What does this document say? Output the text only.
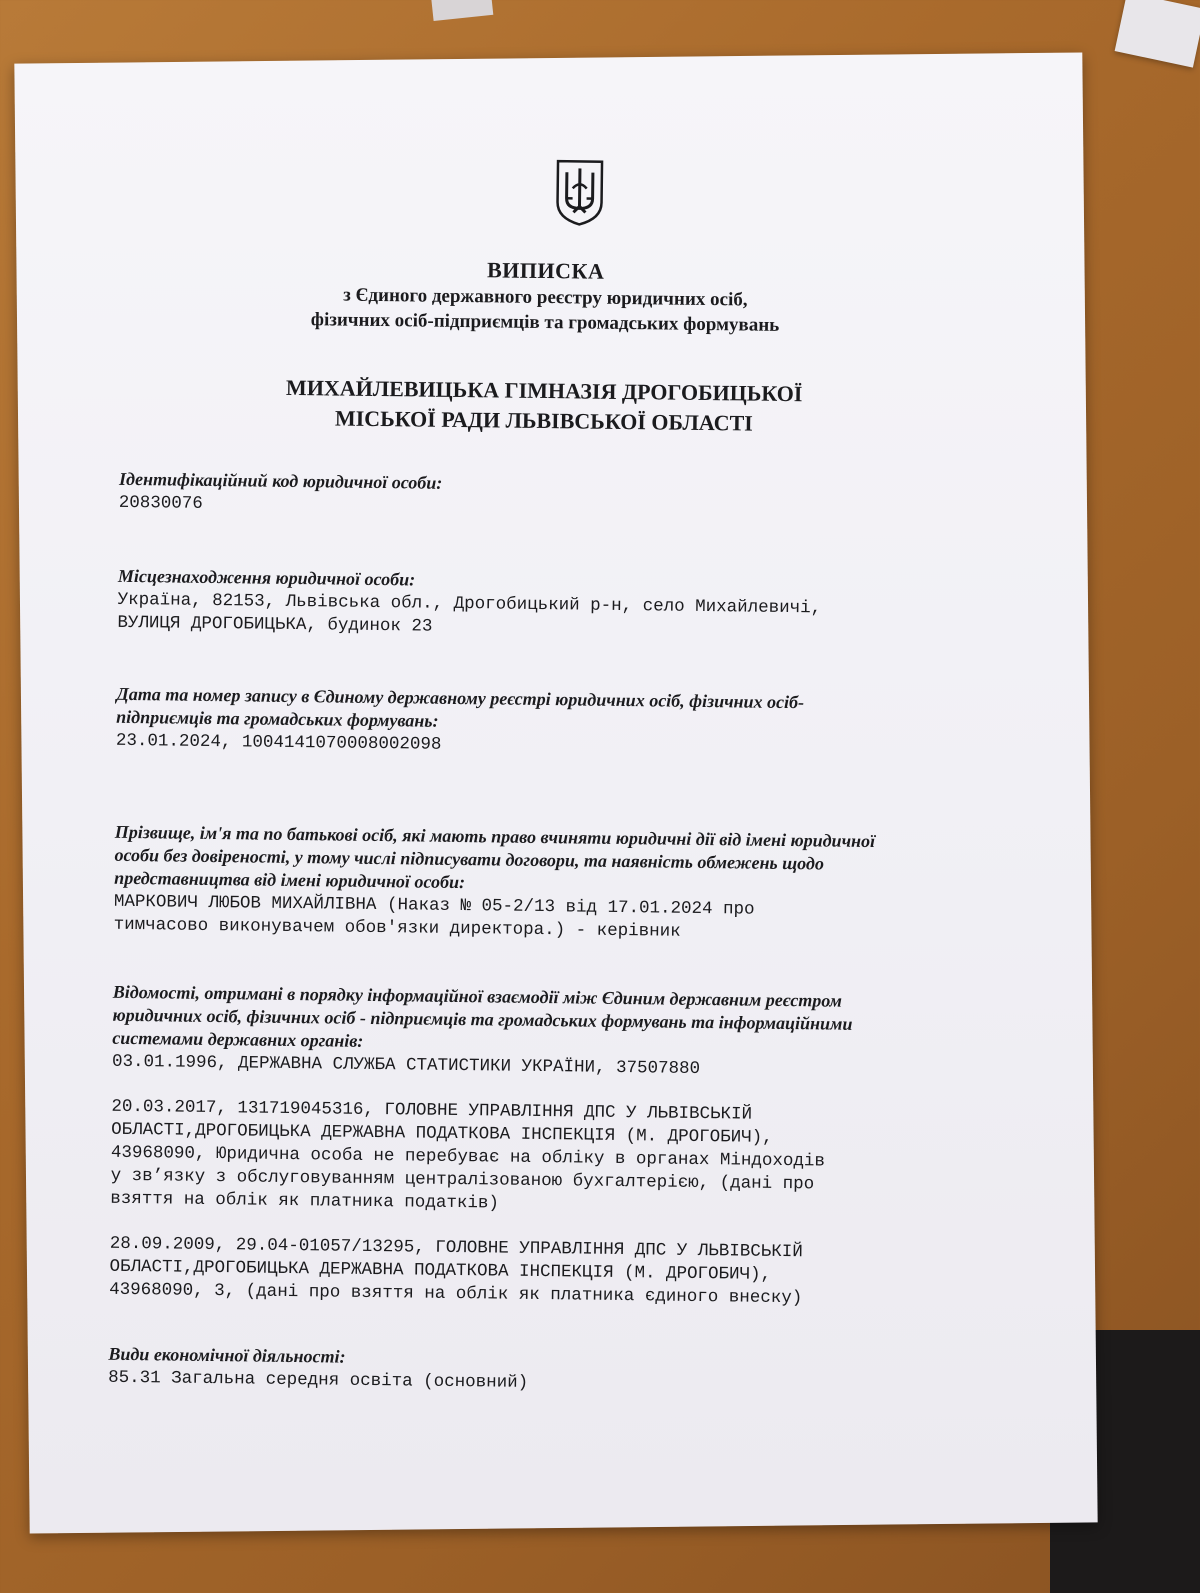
ВИПИСКА
з Єдиного державного реєстру юридичних осіб,
фізичних осіб-підприємців та громадських формувань
МИХАЙЛЕВИЦЬКА ГІМНАЗІЯ ДРОГОБИЦЬКОЇ
МІСЬКОЇ РАДИ ЛЬВІВСЬКОЇ ОБЛАСТІ
Ідентифікаційний код юридичної особи:
20830076
Місцезнаходження юридичної особи:
Україна, 82153, Львівська обл., Дрогобицький р-н, село Михайлевичі,
ВУЛИЦЯ ДРОГОБИЦЬКА, будинок 23
Дата та номер запису в Єдиному державному реєстрі юридичних осіб, фізичних осіб-
підприємців та громадських формувань:
23.01.2024, 1004141070008002098
Прізвище, ім'я та по батькові осіб, які мають право вчиняти юридичні дії від імені юридичної
особи без довіреності, у тому числі підписувати договори, та наявність обмежень щодо
представництва від імені юридичної особи:
МАРКОВИЧ ЛЮБОВ МИХАЙЛІВНА (Наказ № 05-2/13 від 17.01.2024 про
тимчасово виконувачем обов'язки директора.) - керівник
Відомості, отримані в порядку інформаційної взаємодії між Єдиним державним реєстром
юридичних осіб, фізичних осіб - підприємців та громадських формувань та інформаційними
системами державних органів:
03.01.1996, ДЕРЖАВНА СЛУЖБА СТАТИСТИКИ УКРАЇНИ, 37507880
20.03.2017, 131719045316, ГОЛОВНЕ УПРАВЛІННЯ ДПС У ЛЬВІВСЬКІЙ
ОБЛАСТІ,ДРОГОБИЦЬКА ДЕРЖАВНА ПОДАТКОВА ІНСПЕКЦІЯ (М. ДРОГОБИЧ),
43968090, Юридична особа не перебуває на обліку в органах Міндоходів
у зв’язку з обслуговуванням централізованою бухгалтерією, (дані про
взяття на облік як платника податків)
28.09.2009, 29.04-01057/13295, ГОЛОВНЕ УПРАВЛІННЯ ДПС У ЛЬВІВСЬКІЙ
ОБЛАСТІ,ДРОГОБИЦЬКА ДЕРЖАВНА ПОДАТКОВА ІНСПЕКЦІЯ (М. ДРОГОБИЧ),
43968090, 3, (дані про взяття на облік як платника єдиного внеску)
Види економічної діяльності:
85.31 Загальна середня освіта (основний)
